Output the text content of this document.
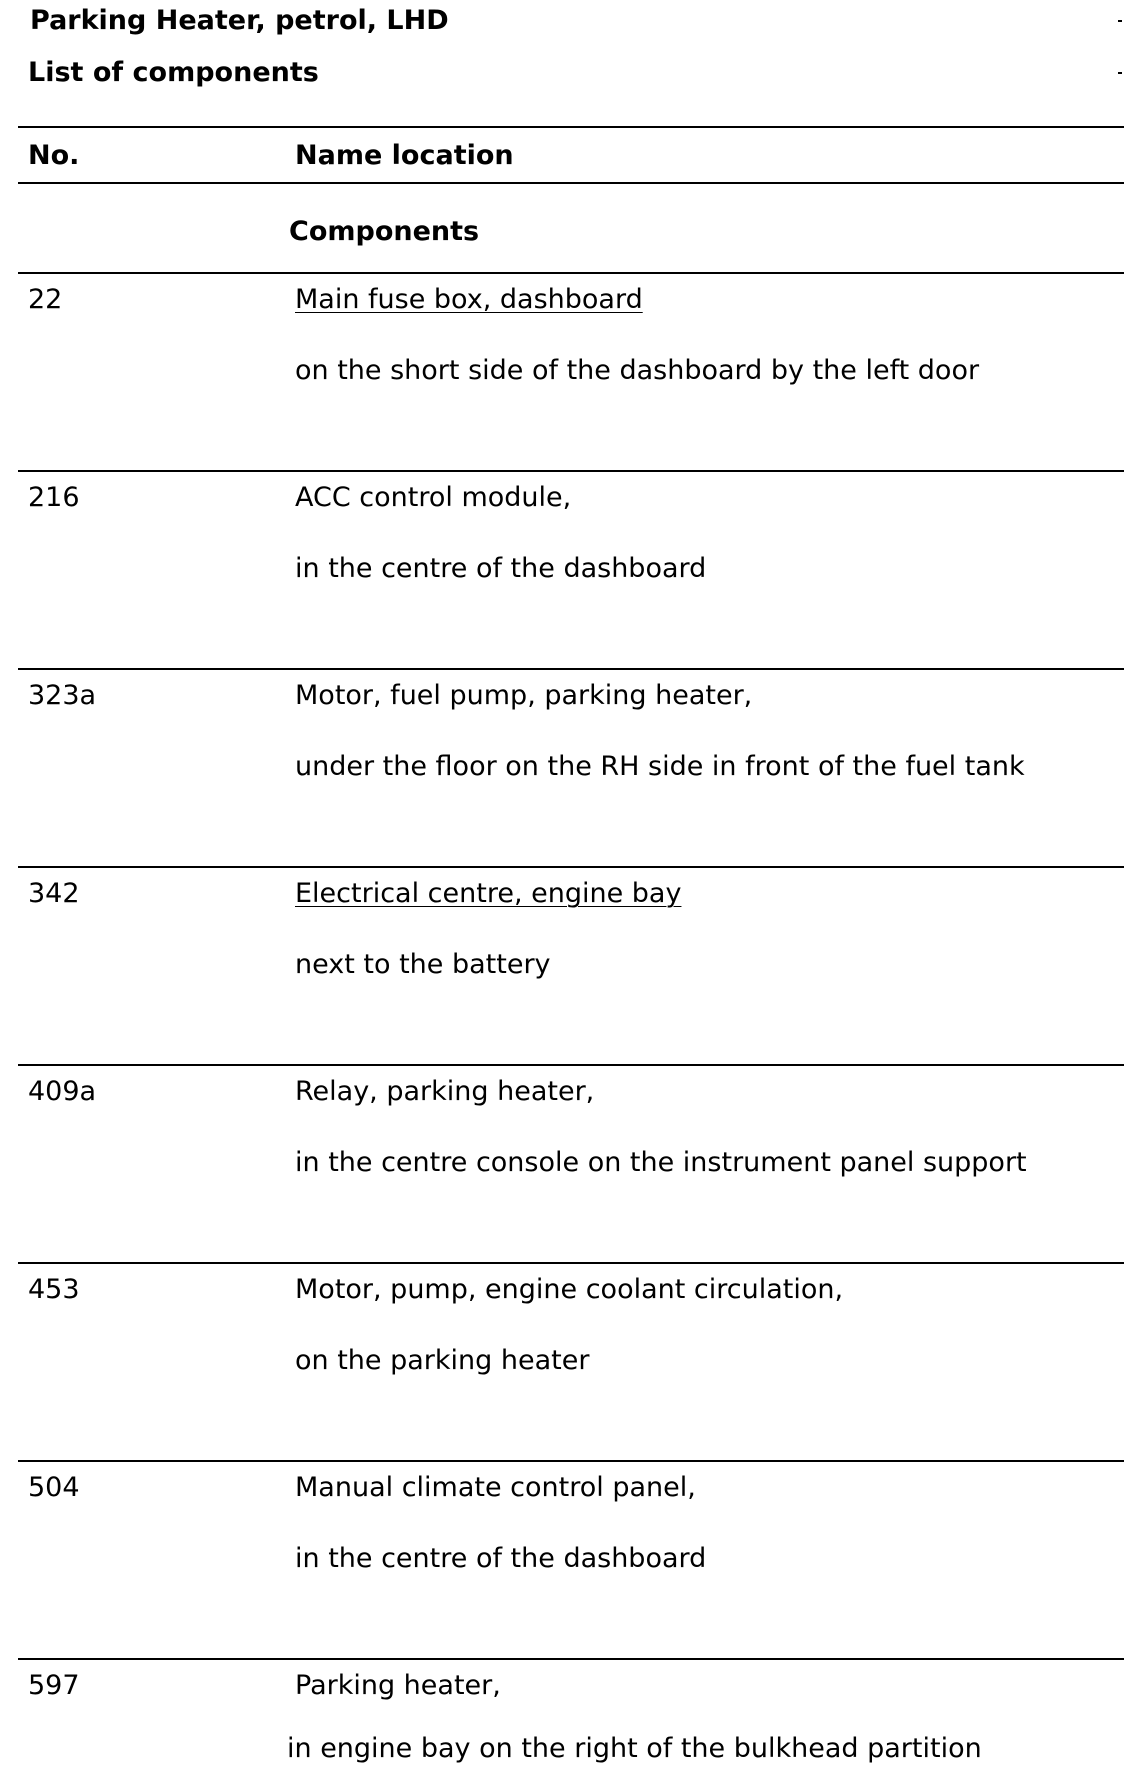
Parking Heater, petrol, LHD
List of components
No.	Name location
Components
22	Main fuse box, dashboard
on the short side of the dashboard by the left door
216	ACC control module,
in the centre of the dashboard
323a	Motor, fuel pump, parking heater,
under the floor on the RH side in front of the fuel tank
342	Electrical centre, engine bay
next to the battery
409a	Relay, parking heater,
in the centre console on the instrument panel support
453	Motor, pump, engine coolant circulation,
on the parking heater
504	Manual climate control panel,
in the centre of the dashboard
597	Parking heater,
in engine bay on the right of the bulkhead partition
